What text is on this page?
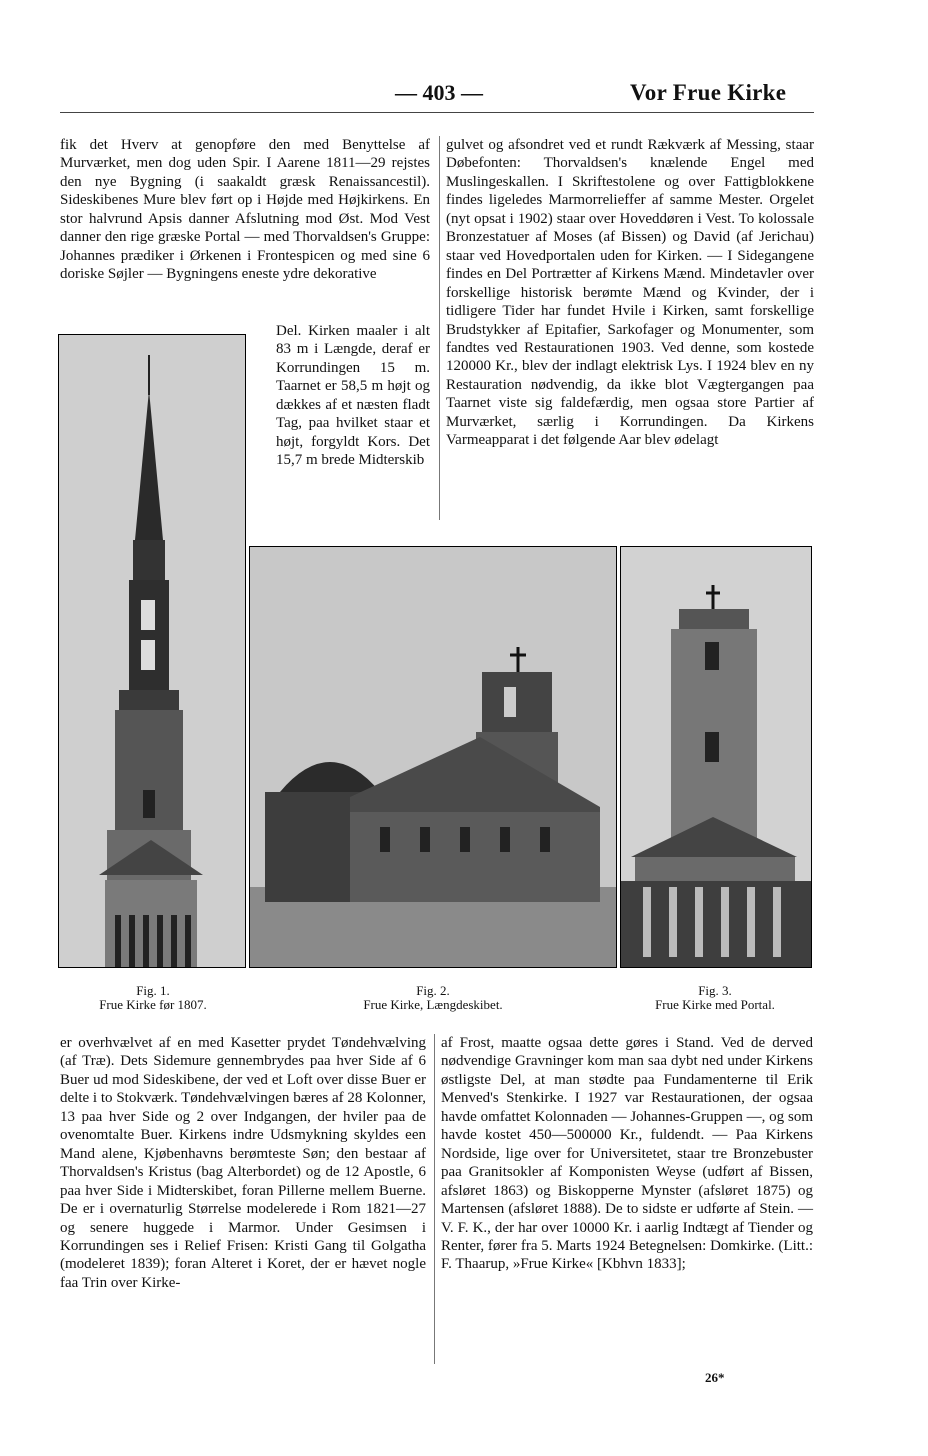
— 403 —	Vor Frue Kirke

fik det Hverv at genopføre den med Benyttelse af Murværket, men dog uden Spir. I Aarene 1811—29 rejstes den nye Bygning (i saakaldt græsk Renaissancestil). Sideskibenes Mure blev ført op i Højde med Højkirkens. En stor halvrund Apsis danner Afslutning mod Øst. Mod Vest danner den rige græske Portal — med Thorvaldsen's Gruppe: Johannes prædiker i Ørkenen i Frontespicen og med sine 6 doriske Søjler — Bygningens eneste ydre dekorative

Del. Kirken maaler i alt 83 m i Længde, deraf er Korrundingen 15 m. Taarnet er 58,5 m højt og dækkes af et næsten fladt Tag, paa hvilket staar et højt, forgyldt Kors. Det 15,7 m brede Midterskib

gulvet og afsondret ved et rundt Rækværk af Messing, staar Døbefonten: Thorvaldsen's knælende Engel med Muslingeskallen. I Skriftestolene og over Fattigblokkene findes ligeledes Marmorrelieffer af samme Mester. Orgelet (nyt opsat i 1902) staar over Hoveddøren i Vest. To kolossale Bronzestatuer af Moses (af Bissen) og David (af Jerichau) staar ved Hovedportalen uden for Kirken. — I Sidegangene findes en Del Portrætter af Kirkens Mænd. Mindetavler over forskellige historisk berømte Mænd og Kvinder, der i tidligere Tider har fundet Hvile i Kirken, samt forskellige Brudstykker af Epitafier, Sarkofager og Monumenter, som fandtes ved Restaurationen 1903. Ved denne, som kostede 120000 Kr., blev der indlagt elektrisk Lys. I 1924 blev en ny Restauration nødvendig, da ikke blot Vægtergangen paa Taarnet viste sig faldefærdig, men ogsaa store Partier af Murværket, særlig i Korrundingen. Da Kirkens Varmeapparat i det følgende Aar blev ødelagt

Fig. 1.
Frue Kirke før 1807.
Fig. 2.
Frue Kirke, Længdeskibet.
Fig. 3.
Frue Kirke med Portal.

er overhvælvet af en med Kasetter prydet Tøndehvælving (af Træ). Dets Sidemure gennembrydes paa hver Side af 6 Buer ud mod Sideskibene, der ved et Loft over disse Buer er delte i to Stokværk. Tøndehvælvingen bæres af 28 Kolonner, 13 paa hver Side og 2 over Indgangen, der hviler paa de ovenomtalte Buer. Kirkens indre Udsmykning skyldes een Mand alene, Kjøbenhavns berømteste Søn; den bestaar af Thorvaldsen's Kristus (bag Alterbordet) og de 12 Apostle, 6 paa hver Side i Midterskibet, foran Pillerne mellem Buerne. De er i overnaturlig Størrelse modelerede i Rom 1821—27 og senere huggede i Marmor. Under Gesimsen i Korrundingen ses i Relief Frisen: Kristi Gang til Golgatha (modeleret 1839); foran Alteret i Koret, der er hævet nogle faa Trin over Kirke-

af Frost, maatte ogsaa dette gøres i Stand. Ved de derved nødvendige Gravninger kom man saa dybt ned under Kirkens østligste Del, at man stødte paa Fundamenterne til Erik Menved's Stenkirke. I 1927 var Restaurationen, der ogsaa havde omfattet Kolonnaden — Johannes-Gruppen —, og som havde kostet 450—500000 Kr., fuldendt. — Paa Kirkens Nordside, lige over for Universitetet, staar tre Bronzebuster paa Granitsokler af Komponisten Weyse (udført af Bissen, afsløret 1863) og Biskopperne Mynster (afsløret 1875) og Martensen (afsløret 1888). De to sidste er udførte af Stein. — V. F. K., der har over 10000 Kr. i aarlig Indtægt af Tiender og Renter, fører fra 5. Marts 1924 Betegnelsen: Domkirke. (Litt.: F. Thaarup, »Frue Kirke« [Kbhvn 1833];

26*
